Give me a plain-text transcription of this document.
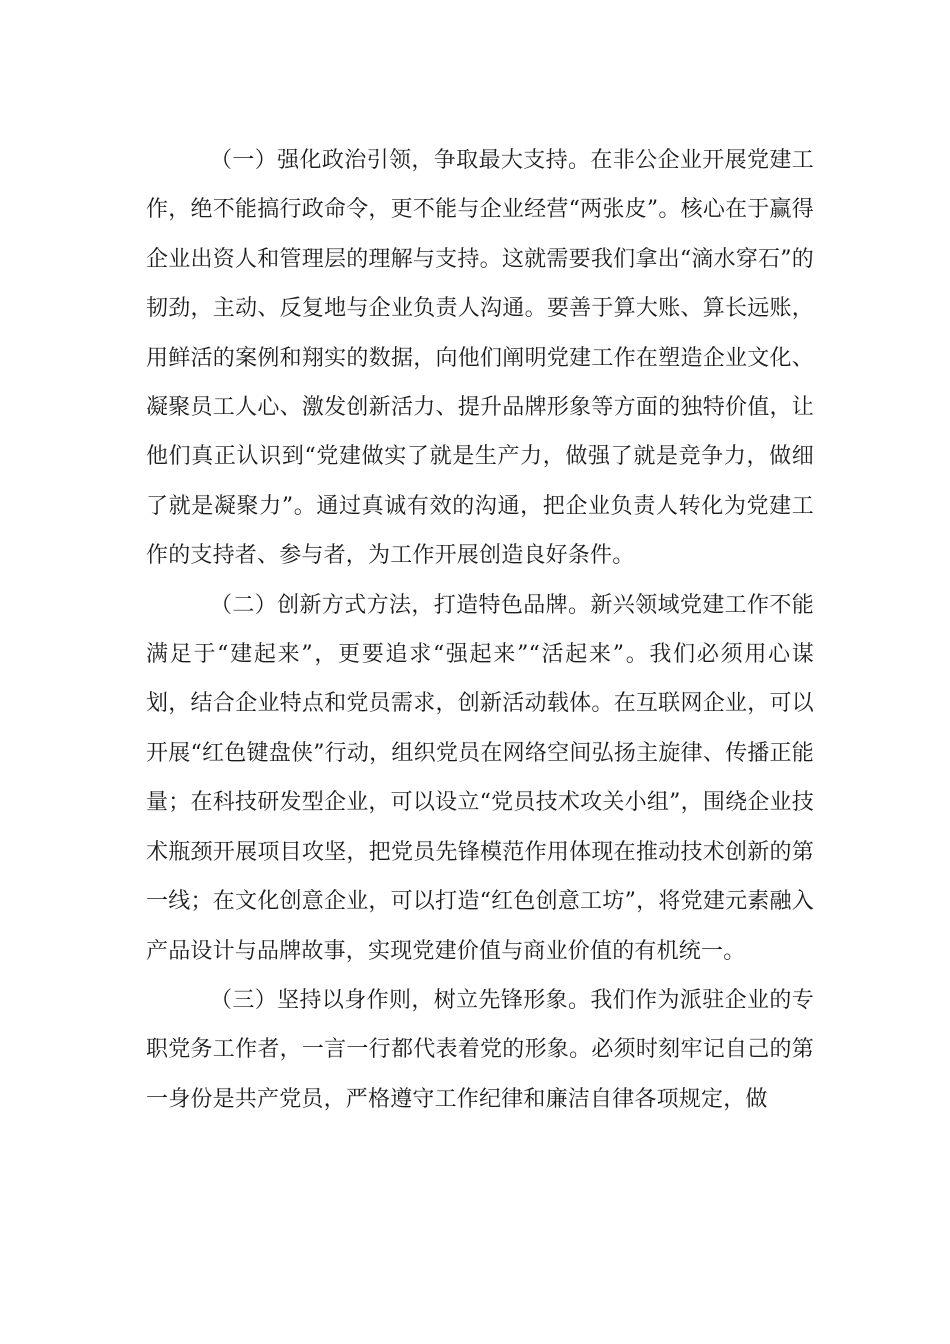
（一）强化政治引领，争取最大支持。在非公企业开展党建工作，绝不能搞行政命令，更不能与企业经营“两张皮”。核心在于赢得企业出资人和管理层的理解与支持。这就需要我们拿出“滴水穿石”的韧劲，主动、反复地与企业负责人沟通。要善于算大账、算长远账，用鲜活的案例和翔实的数据，向他们阐明党建工作在塑造企业文化、凝聚员工人心、激发创新活力、提升品牌形象等方面的独特价值，让他们真正认识到“党建做实了就是生产力，做强了就是竞争力，做细了就是凝聚力”。通过真诚有效的沟通，把企业负责人转化为党建工作的支持者、参与者，为工作开展创造良好条件。

（二）创新方式方法，打造特色品牌。新兴领域党建工作不能满足于“建起来”，更要追求“强起来”“活起来”。我们必须用心谋划，结合企业特点和党员需求，创新活动载体。在互联网企业，可以开展“红色键盘侠”行动，组织党员在网络空间弘扬主旋律、传播正能量；在科技研发型企业，可以设立“党员技术攻关小组”，围绕企业技术瓶颈开展项目攻坚，把党员先锋模范作用体现在推动技术创新的第一线；在文化创意企业，可以打造“红色创意工坊”，将党建元素融入产品设计与品牌故事，实现党建价值与商业价值的有机统一。

（三）坚持以身作则，树立先锋形象。我们作为派驻企业的专职党务工作者，一言一行都代表着党的形象。必须时刻牢记自己的第一身份是共产党员，严格遵守工作纪律和廉洁自律各项规定，做
